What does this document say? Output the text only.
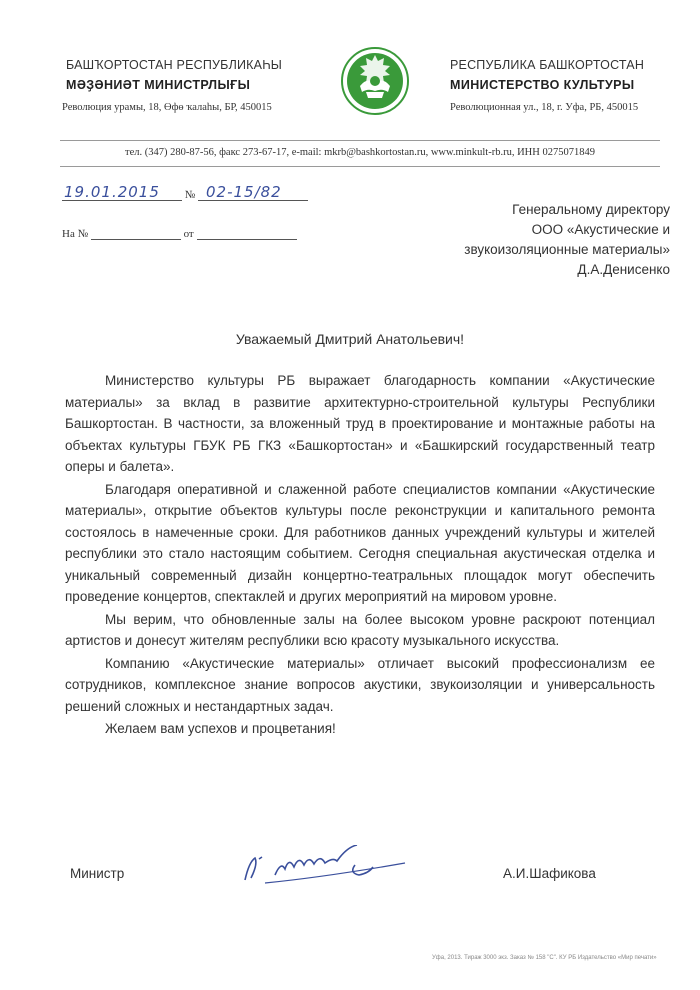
БАШҠОРТОСТАН РЕСПУБЛИКАҺЫ
МӘҘӘНИӘТ МИНИСТРЛЫҒЫ
Революция урамы, 18, Өфө ҡалаһы, БР, 450015
РЕСПУБЛИКА БАШКОРТОСТАН
МИНИСТЕРСТВО КУЛЬТУРЫ
Революционная ул., 18, г. Уфа, РБ, 450015
тел. (347) 280-87-56, факс 273-67-17, e-mail: mkrb@bashkortostan.ru, www.minkult-rb.ru, ИНН 0275071849
19.01.2015 № 02-15/82
На №	от
Генеральному директору
ООО «Акустические и
звукоизоляционные материалы»
Д.А.Денисенко
Уважаемый Дмитрий Анатольевич!

Министерство культуры РБ выражает благодарность компании «Акустические материалы» за вклад в развитие архитектурно-строительной культуры Республики Башкортостан. В частности, за вложенный труд в проектирование и монтажные работы на объектах культуры ГБУК РБ ГКЗ «Башкортостан» и «Башкирский государственный театр оперы и балета».

Благодаря оперативной и слаженной работе специалистов компании «Акустические материалы», открытие объектов культуры после реконструкции и капитального ремонта состоялось в намеченные сроки. Для работников данных учреждений культуры и жителей республики это стало настоящим событием. Сегодня специальная акустическая отделка и уникальный современный дизайн концертно-театральных площадок могут обеспечить проведение концертов, спектаклей и других мероприятий на мировом уровне.

Мы верим, что обновленные залы на более высоком уровне раскроют потенциал артистов и донесут жителям республики всю красоту музыкального искусства.

Компанию «Акустические материалы» отличает высокий профессионализм ее сотрудников, комплексное знание вопросов акустики, звукоизоляции и универсальность решений сложных и нестандартных задач.

Желаем вам успехов и процветания!

Министр	А.И.Шафикова
Уфа, 2013. Тираж 3000 экз. Заказ № 158 "С". КУ РБ Издательство «Мир печати»
